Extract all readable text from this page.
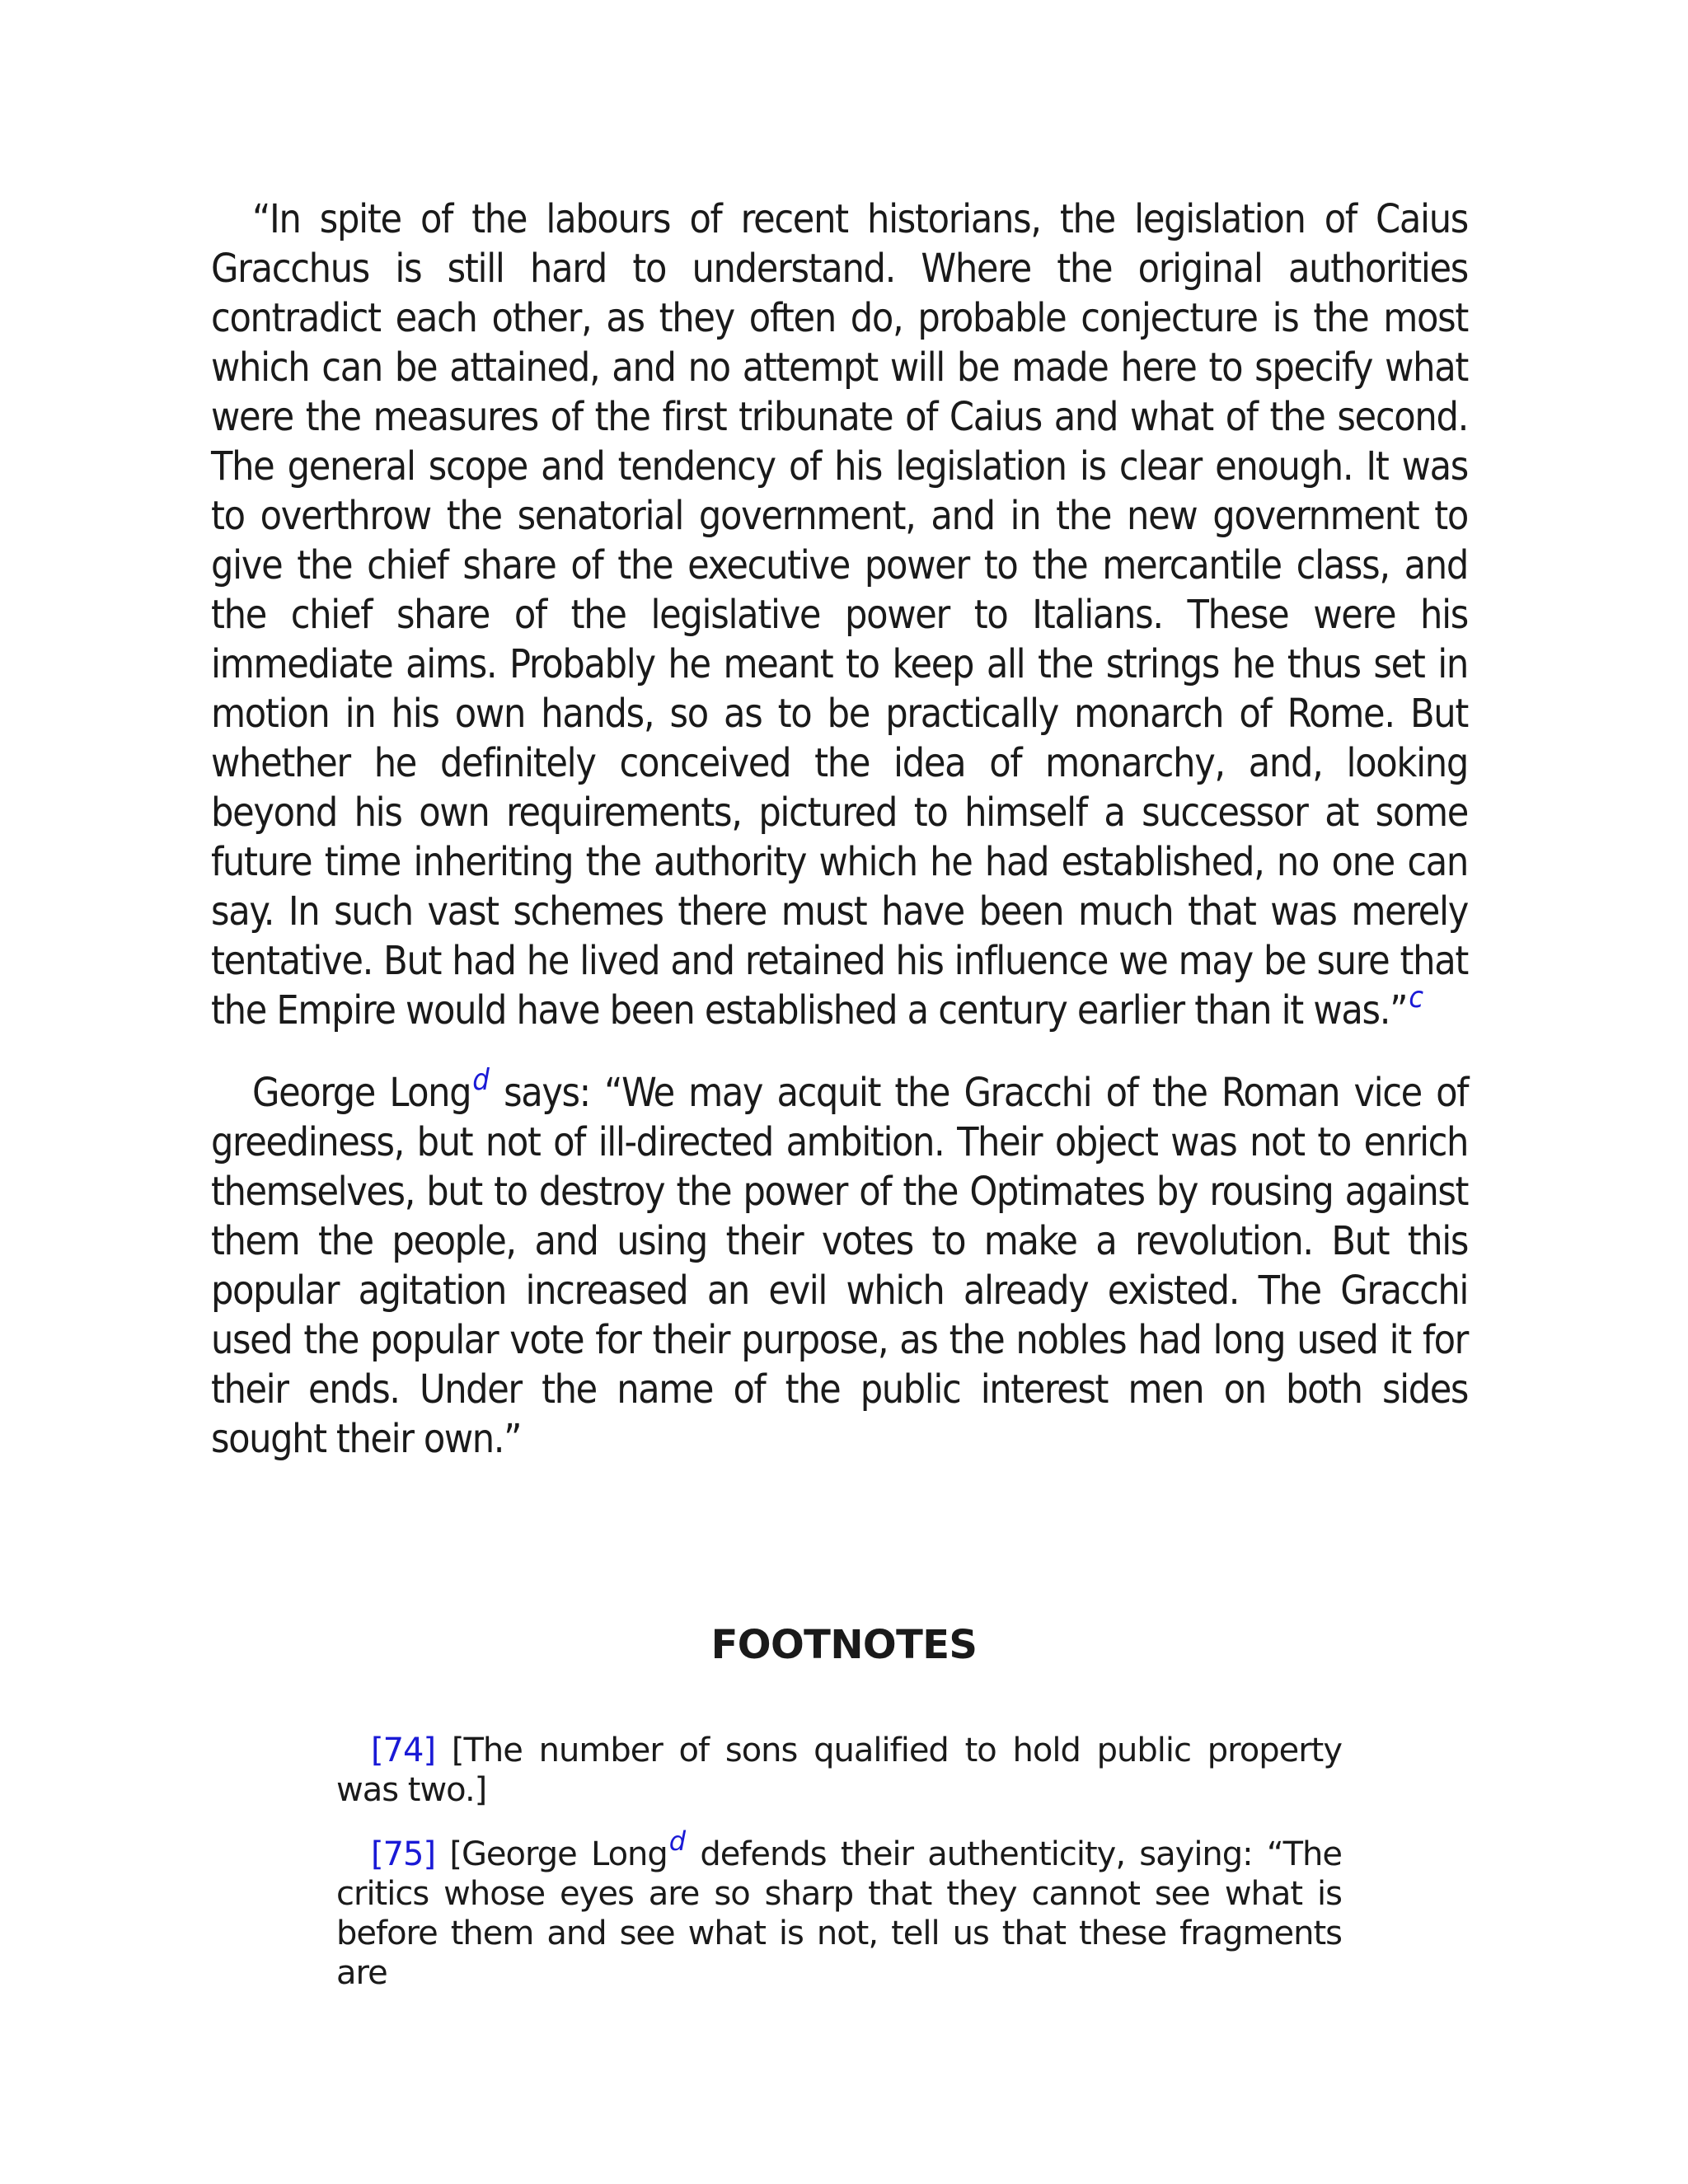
“In spite of the labours of recent historians, the legislation of Caius Gracchus is still hard to understand. Where the original authorities contradict each other, as they often do, probable conjecture is the most which can be attained, and no attempt will be made here to specify what were the measures of the first tribunate of Caius and what of the second. The general scope and tendency of his legislation is clear enough. It was to overthrow the senatorial government, and in the new government to give the chief share of the executive power to the mercantile class, and the chief share of the legislative power to Italians. These were his immediate aims. Probably he meant to keep all the strings he thus set in motion in his own hands, so as to be practically monarch of Rome. But whether he definitely conceived the idea of monarchy, and, looking beyond his own requirements, pictured to himself a successor at some future time inheriting the authority which he had established, no one can say. In such vast schemes there must have been much that was merely tentative. But had he lived and retained his influence we may be sure that the Empire would have been established a century earlier than it was.”$^c$

George Long$^d$ says: “We may acquit the Gracchi of the Roman vice of greediness, but not of ill-directed ambition. Their object was not to enrich themselves, but to destroy the power of the Optimates by rousing against them the people, and using their votes to make a revolution. But this popular agitation increased an evil which already existed. The Gracchi used the popular vote for their purpose, as the nobles had long used it for their ends. Under the name of the public interest men on both sides sought their own.”

FOOTNOTES

[74] [The number of sons qualified to hold public property was two.]

[75] [George Long$^d$ defends their authenticity, saying: “The critics whose eyes are so sharp that they cannot see what is before them and see what is not, tell us that these fragments are
